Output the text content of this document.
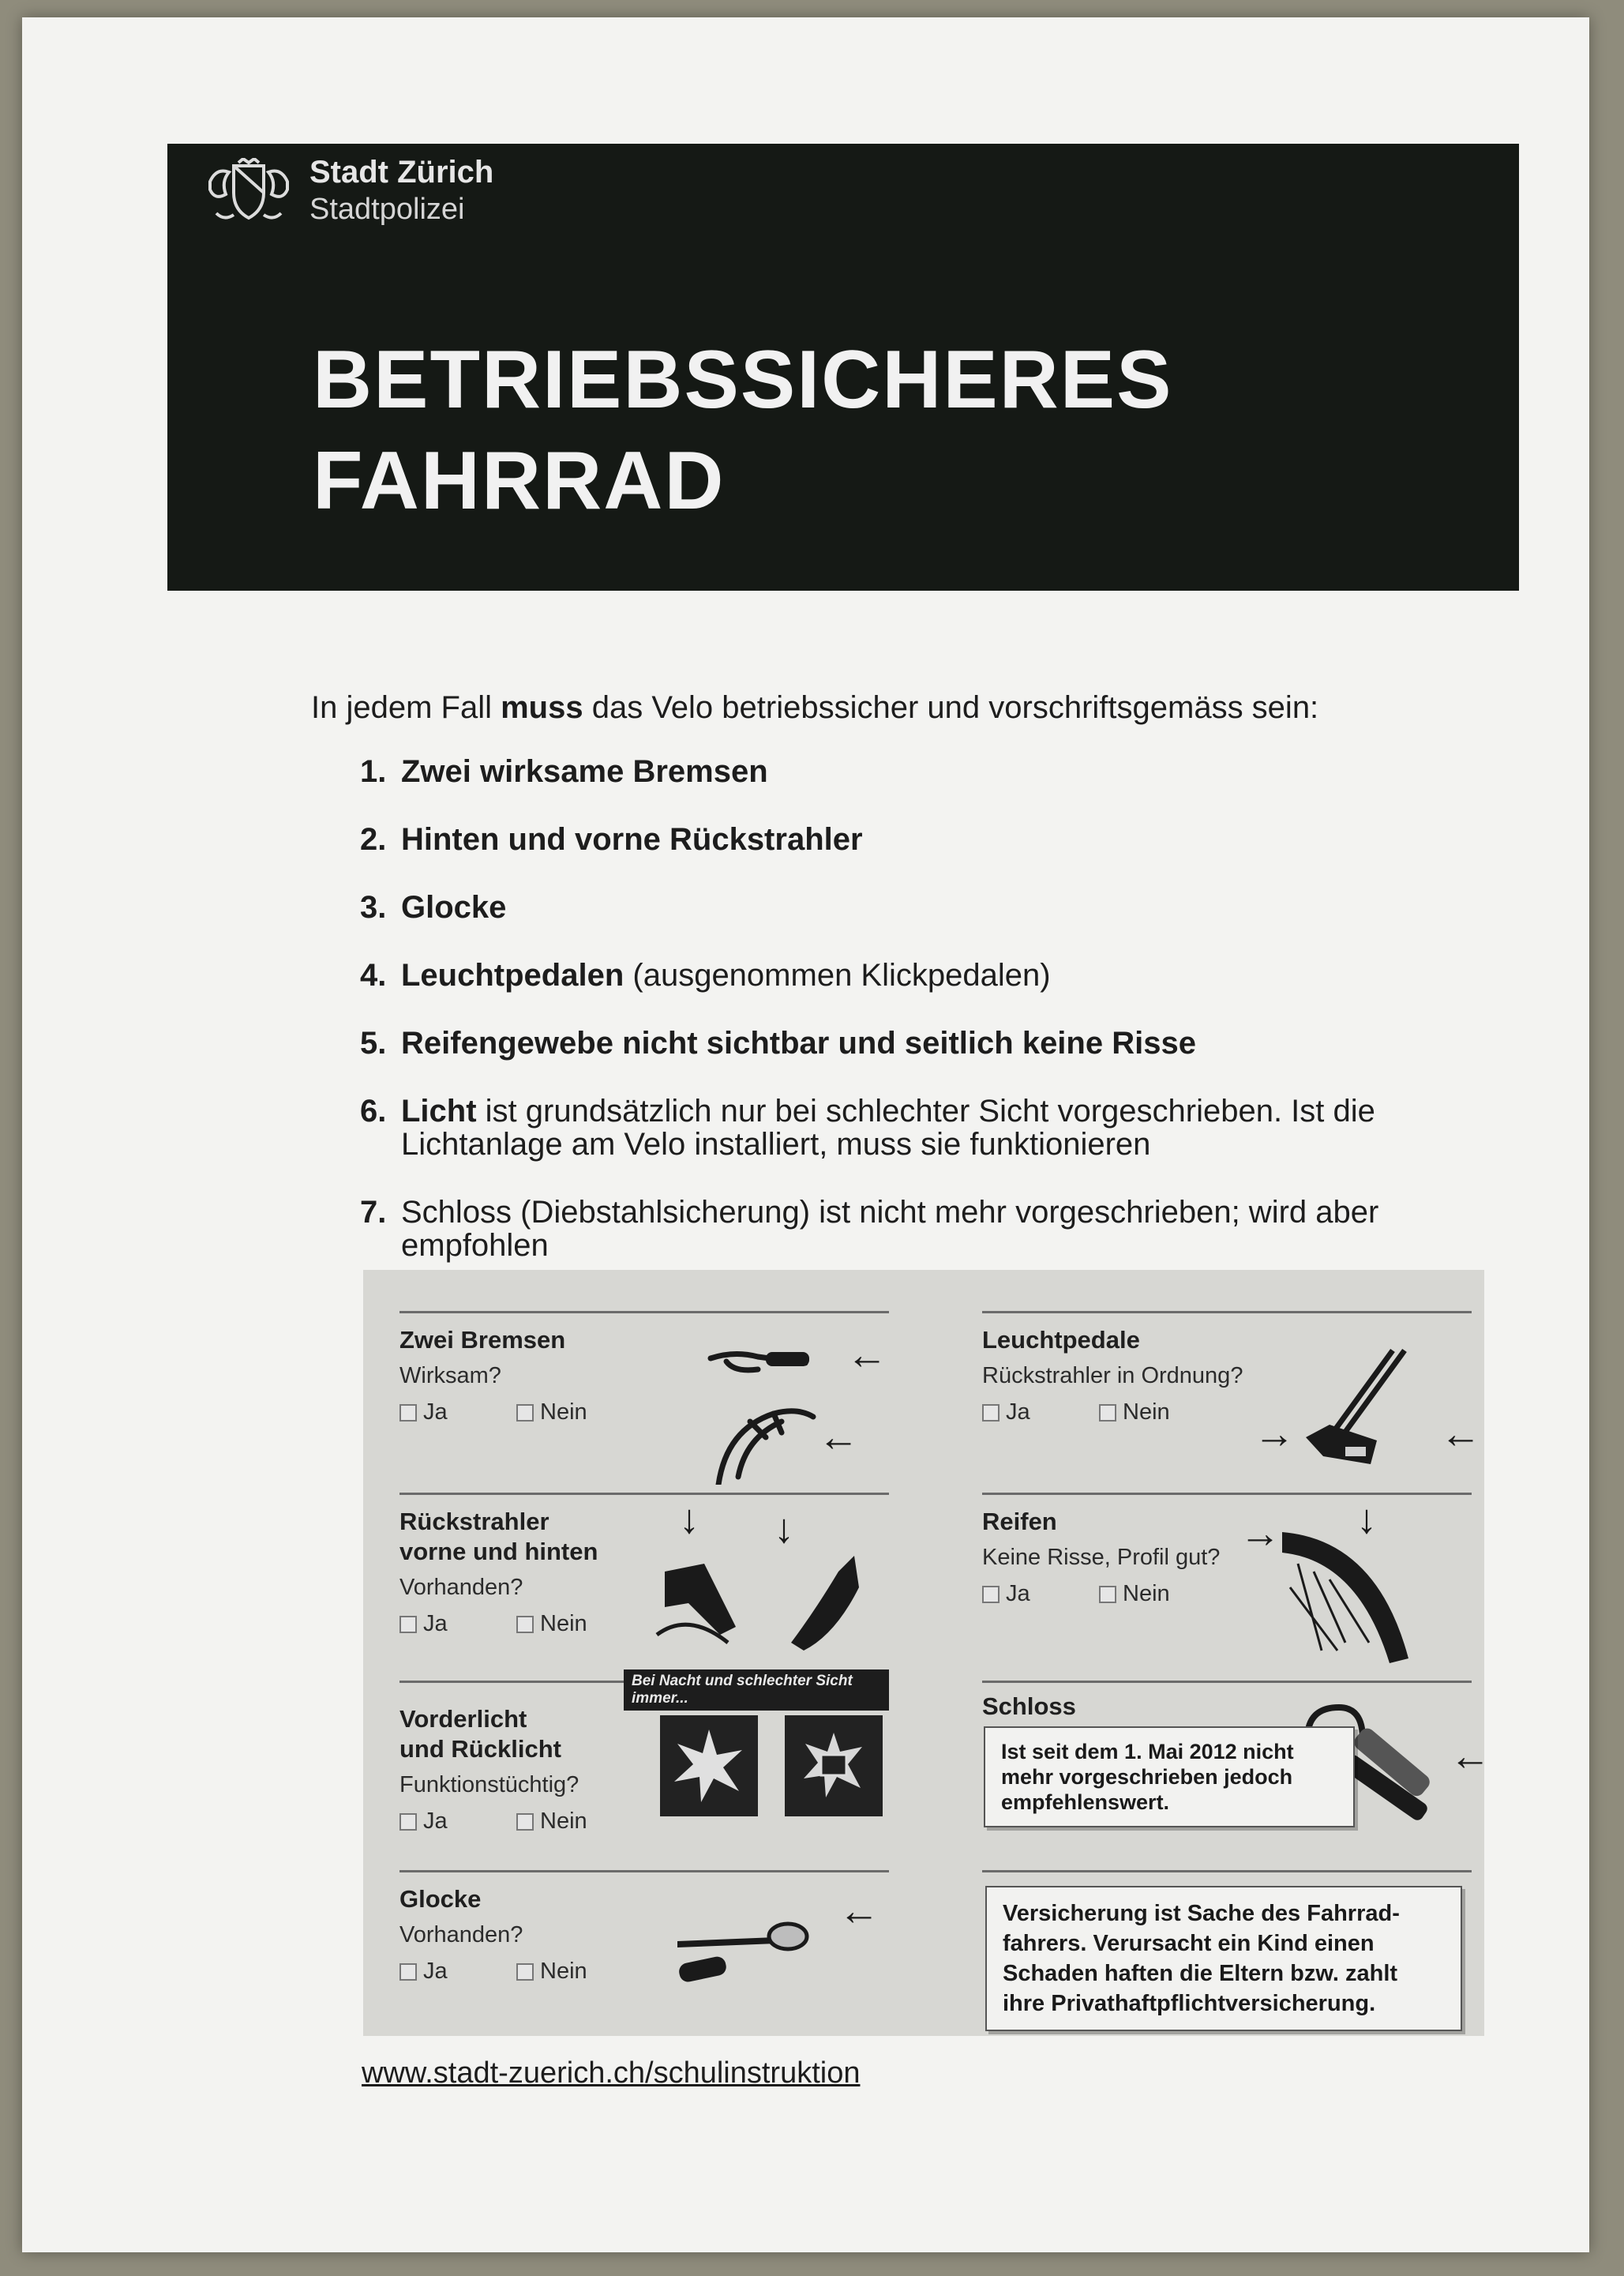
Stadt Zürich
Stadtpolizei
BETRIEBSSICHERES
FAHRRAD
In jedem Fall muss das Velo betriebssicher und vorschriftsgemäss sein:
1. Zwei wirksame Bremsen
2. Hinten und vorne Rückstrahler
3. Glocke
4. Leuchtpedalen (ausgenommen Klickpedalen)
5. Reifengewebe nicht sichtbar und seitlich keine Risse
6. Licht ist grundsätzlich nur bei schlechter Sicht vorgeschrieben. Ist die Lichtanlage am Velo installiert, muss sie funktionieren
7. Schloss (Diebstahlsicherung) ist nicht mehr vorgeschrieben; wird aber empfohlen
Zwei Bremsen
Wirksam?
Ja	Nein
←
←
Rückstrahler
vorne und hinten
Vorhanden?
Ja	Nein
↓ ↓
Bei Nacht und schlechter Sicht immer...
Vorderlicht
und Rücklicht
Funktionstüchtig?
Ja	Nein
Glocke
Vorhanden?
Ja	Nein
←
Leuchtpedale
Rückstrahler in Ordnung?
Ja	Nein →	←
Reifen
Keine Risse, Profil gut?
Ja	Nein
→ ↓
Schloss
←
Ist seit dem 1. Mai 2012 nicht mehr vorgeschrieben jedoch empfehlenswert.
Versicherung ist Sache des Fahrrad-fahrers. Verursacht ein Kind einen Schaden haften die Eltern bzw. zahlt ihre Privathaftpflichtversicherung.
www.stadt-zuerich.ch/schulinstruktion
